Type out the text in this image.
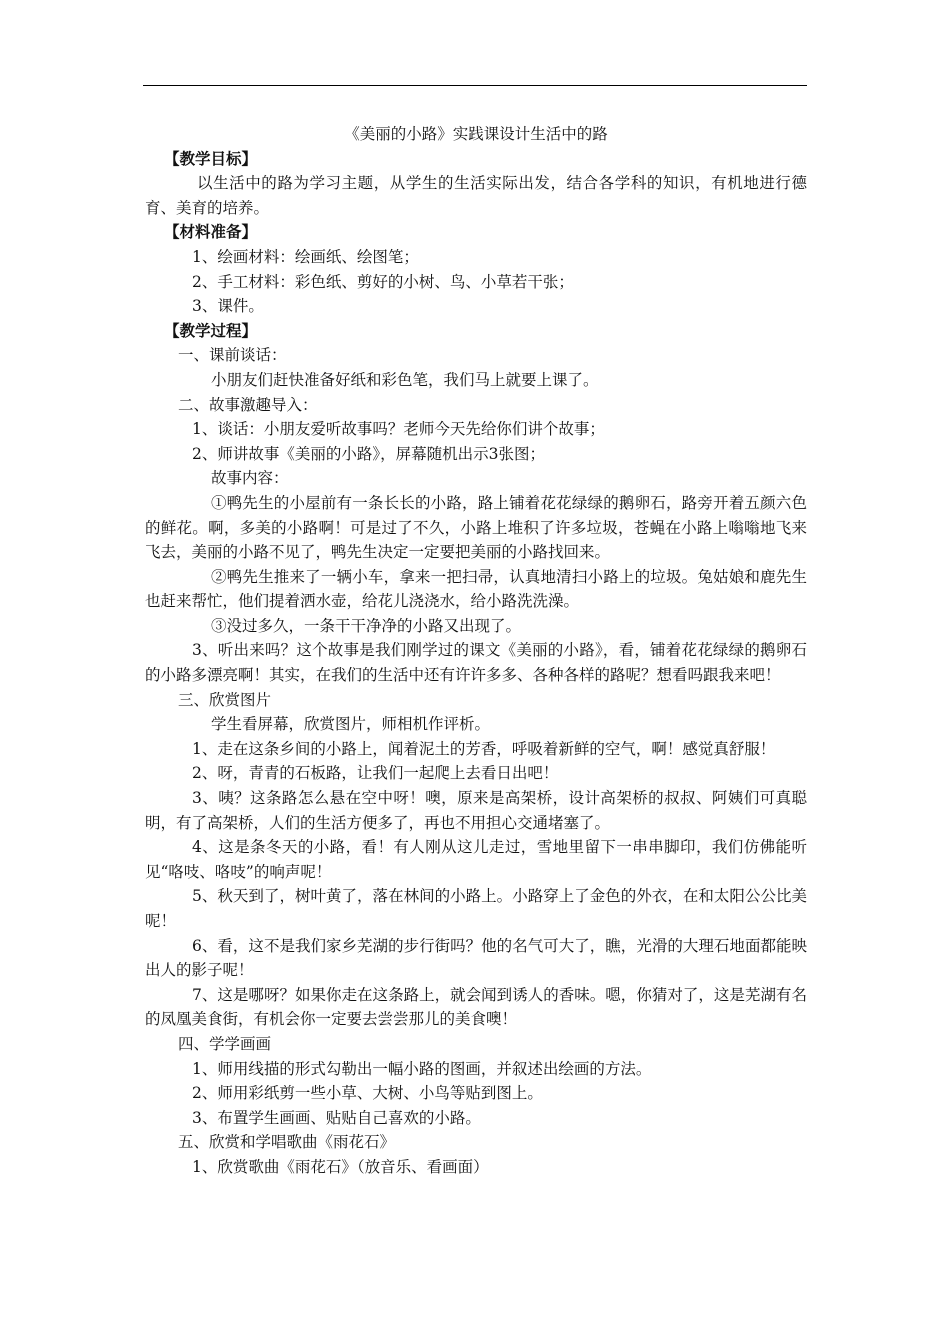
《美丽的小路》实践课设计生活中的路

【教学目标】

以生活中的路为学习主题，从学生的生活实际出发，结合各学科的知识，有机地进行德育、美育的培养。

【材料准备】

1、绘画材料：绘画纸、绘图笔；

2、手工材料：彩色纸、剪好的小树、鸟、小草若干张；

3、课件。

【教学过程】

一、课前谈话：

小朋友们赶快准备好纸和彩色笔，我们马上就要上课了。

二、故事激趣导入：

1、谈话：小朋友爱听故事吗？老师今天先给你们讲个故事；

2、师讲故事《美丽的小路》，屏幕随机出示3张图；

故事内容：

①鸭先生的小屋前有一条长长的小路，路上铺着花花绿绿的鹅卵石，路旁开着五颜六色的鲜花。啊，多美的小路啊！可是过了不久，小路上堆积了许多垃圾，苍蝇在小路上嗡嗡地飞来飞去，美丽的小路不见了，鸭先生决定一定要把美丽的小路找回来。

②鸭先生推来了一辆小车，拿来一把扫帚，认真地清扫小路上的垃圾。兔姑娘和鹿先生也赶来帮忙，他们提着洒水壶，给花儿浇浇水，给小路洗洗澡。

③没过多久，一条干干净净的小路又出现了。

3、听出来吗？这个故事是我们刚学过的课文《美丽的小路》，看，铺着花花绿绿的鹅卵石的小路多漂亮啊！其实，在我们的生活中还有许许多多、各种各样的路呢？想看吗跟我来吧！

三、欣赏图片

学生看屏幕，欣赏图片，师相机作评析。

1、走在这条乡间的小路上，闻着泥土的芳香，呼吸着新鲜的空气，啊！感觉真舒服！

2、呀，青青的石板路，让我们一起爬上去看日出吧！

3、咦？这条路怎么悬在空中呀！噢，原来是高架桥，设计高架桥的叔叔、阿姨们可真聪明，有了高架桥，人们的生活方便多了，再也不用担心交通堵塞了。

4、这是条冬天的小路，看！有人刚从这儿走过，雪地里留下一串串脚印，我们仿佛能听见“咯吱、咯吱”的响声呢！

5、秋天到了，树叶黄了，落在林间的小路上。小路穿上了金色的外衣，在和太阳公公比美呢！

6、看，这不是我们家乡芜湖的步行街吗？他的名气可大了，瞧，光滑的大理石地面都能映出人的影子呢！

7、这是哪呀？如果你走在这条路上，就会闻到诱人的香味。嗯，你猜对了，这是芜湖有名的凤凰美食街，有机会你一定要去尝尝那儿的美食噢！

四、学学画画

1、师用线描的形式勾勒出一幅小路的图画，并叙述出绘画的方法。

2、师用彩纸剪一些小草、大树、小鸟等贴到图上。

3、布置学生画画、贴贴自己喜欢的小路。

五、欣赏和学唱歌曲《雨花石》

1、欣赏歌曲《雨花石》（放音乐、看画面）
